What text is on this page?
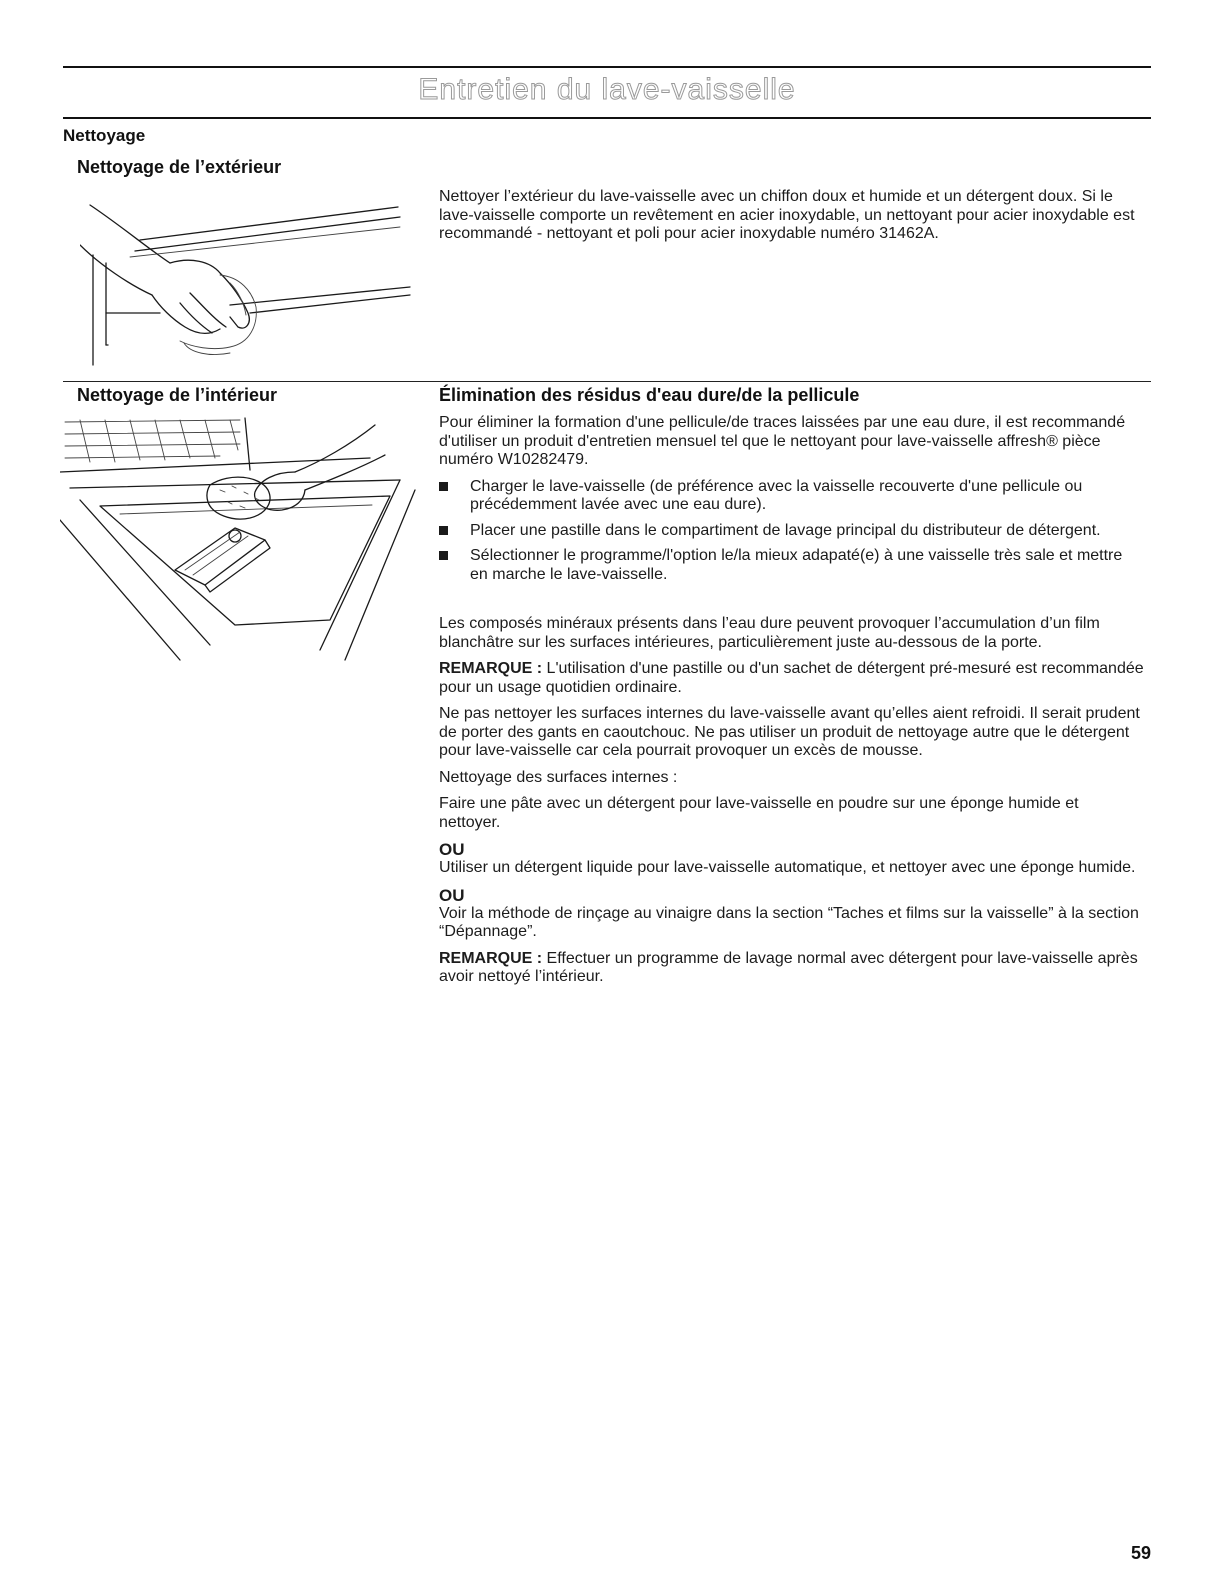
Entretien du lave-vaisselle
Nettoyage
Nettoyage de l’extérieur
Nettoyer l’extérieur du lave-vaisselle avec un chiffon doux et humide et un détergent doux. Si le lave-vaisselle comporte un revêtement en acier inoxydable, un nettoyant pour acier inoxydable est recommandé - nettoyant et poli pour acier inoxydable numéro 31462A.
Nettoyage de l’intérieur	Élimination des résidus d'eau dure/de la pellicule

Pour éliminer la formation d'une pellicule/de traces laissées par une eau dure, il est recommandé d'utiliser un produit d'entretien mensuel tel que le nettoyant pour lave-vaisselle affresh® pièce numéro W10282479.

Charger le lave-vaisselle (de préférence avec la vaisselle recouverte d'une pellicule ou précédemment lavée avec une eau dure).
Placer une pastille dans le compartiment de lavage principal du distributeur de détergent.
Sélectionner le programme/l'option le/la mieux adapaté(e) à une vaisselle très sale et mettre en marche le lave-vaisselle.

Les composés minéraux présents dans l’eau dure peuvent provoquer l’accumulation d’un film blanchâtre sur les surfaces intérieures, particulièrement juste au-dessous de la porte.

REMARQUE : L'utilisation d'une pastille ou d'un sachet de détergent pré-mesuré est recommandée pour un usage quotidien ordinaire.

Ne pas nettoyer les surfaces internes du lave-vaisselle avant qu’elles aient refroidi. Il serait prudent de porter des gants en caoutchouc. Ne pas utiliser un produit de nettoyage autre que le détergent pour lave-vaisselle car cela pourrait provoquer un excès de mousse.

Nettoyage des surfaces internes :

Faire une pâte avec un détergent pour lave-vaisselle en poudre sur une éponge humide et nettoyer.

OU

Utiliser un détergent liquide pour lave-vaisselle automatique, et nettoyer avec une éponge humide.

OU

Voir la méthode de rinçage au vinaigre dans la section “Taches et films sur la vaisselle” à la section “Dépannage”.

REMARQUE : Effectuer un programme de lavage normal avec détergent pour lave-vaisselle après avoir nettoyé l’intérieur.

59
